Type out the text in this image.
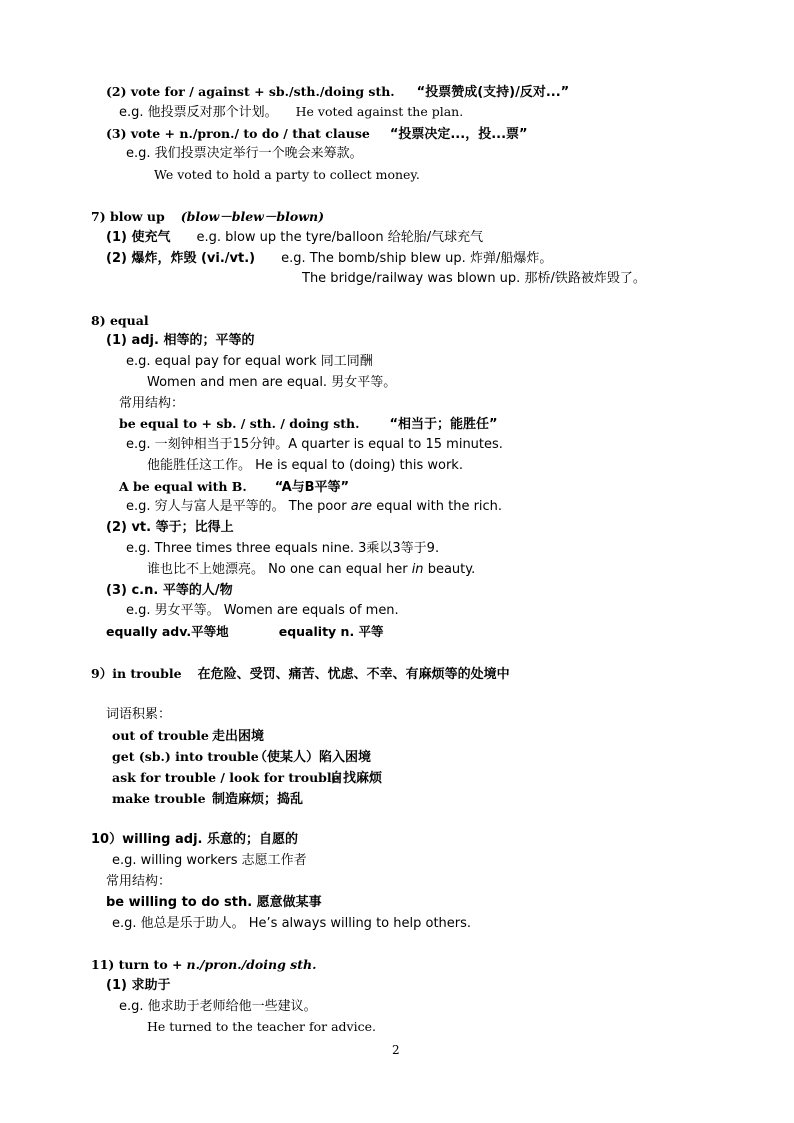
(2) vote for / against + sb./sth./doing sth. “投票赞成(支持)/反对...”
e.g. 他投票反对那个计划。 He voted against the plan.
(3) vote + n./pron./ to do / that clause “投票决定...，投...票”
e.g. 我们投票决定举行一个晚会来筹款。
We voted to hold a party to collect money.
7) blow up (blow－blew－blown)
(1) 使充气 e.g. blow up the tyre/balloon 给轮胎/气球充气
(2) 爆炸，炸毁 (vi./vt.) e.g. The bomb/ship blew up. 炸弹/船爆炸。
The bridge/railway was blown up. 那桥/铁路被炸毁了。
8) equal
(1) adj. 相等的；平等的
e.g. equal pay for equal work 同工同酬
Women and men are equal. 男女平等。
常用结构：
be equal to + sb. / sth. / doing sth. “相当于；能胜任”
e.g. 一刻钟相当于15分钟。A quarter is equal to 15 minutes.
他能胜任这工作。 He is equal to (doing) this work.
A be equal with B. “A与B平等”
e.g. 穷人与富人是平等的。 The poor are equal with the rich.
(2) vt. 等于；比得上
e.g. Three times three equals nine. 3乘以3等于9.
谁也比不上她漂亮。 No one can equal her in beauty.
(3) c.n. 平等的人/物
e.g. 男女平等。 Women are equals of men.
equally adv.平等地	equality n. 平等
9）in trouble 在危险、受罚、痛苦、忧虑、不幸、有麻烦等的处境中
词语积累：
out of trouble 走出困境
get (sb.) into trouble （使某人）陷入困境
ask for trouble / look for trouble 自找麻烦
make trouble 制造麻烦；捣乱
10）willing adj. 乐意的；自愿的
e.g. willing workers 志愿工作者
常用结构：
be willing to do sth. 愿意做某事
e.g. 他总是乐于助人。 He’s always willing to help others.
11) turn to + n./pron./doing sth.
(1) 求助于
e.g. 他求助于老师给他一些建议。
He turned to the teacher for advice.
2
